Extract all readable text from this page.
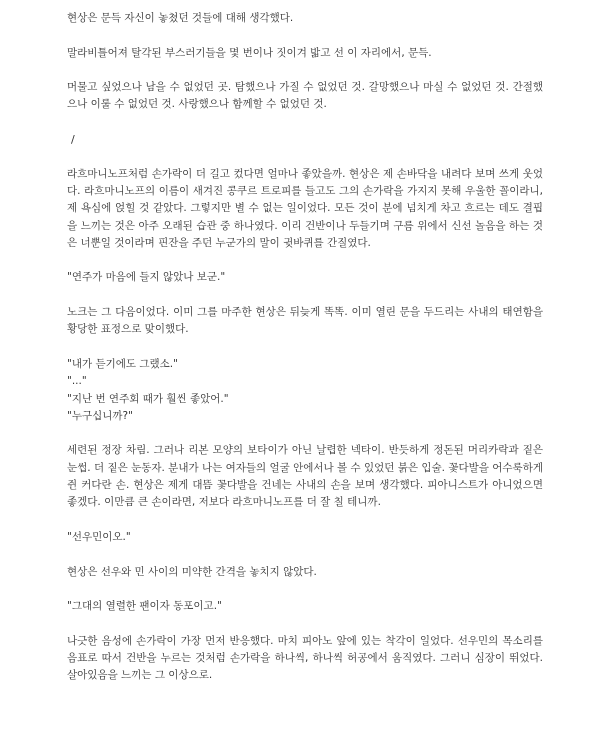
현상은 문득 자신이 놓쳤던 것들에 대해 생각했다.

말라비틀어져 탈각된 부스러기들을 몇 번이나 짓이겨 밟고 선 이 자리에서, 문득.

머물고 싶었으나 남을 수 없었던 곳. 탐했으나 가질 수 없었던 것. 갈망했으나 마실 수 없었던 것. 간절했으나 이룰 수 없었던 것. 사랑했으나 함께할 수 없었던 것.

/

라흐마니노프처럼 손가락이 더 길고 컸다면 얼마나 좋았을까. 현상은 제 손바닥을 내려다 보며 쓰게 웃었다. 라흐마니노프의 이름이 새겨진 콩쿠르 트로피를 들고도 그의 손가락을 가지지 못해 우울한 꼴이라니, 제 욕심에 얹힐 것 같았다. 그렇지만 별 수 없는 일이었다. 모든 것이 분에 넘치게 차고 흐르는 데도 결핍을 느끼는 것은 아주 오래된 습관 중 하나였다. 이리 건반이나 두들기며 구름 위에서 신선 놀음을 하는 것은 너뿐일 것이라며 핀잔을 주던 누군가의 말이 귓바퀴를 간질였다.

"연주가 마음에 들지 않았나 보군."

노크는 그 다음이었다. 이미 그를 마주한 현상은 뒤늦게 똑똑. 이미 열린 문을 두드리는 사내의 태연함을 황당한 표정으로 맞이했다.

"내가 듣기에도 그랬소."

"..."

"지난 번 연주회 때가 훨씬 좋았어."

"누구십니까?"

세련된 정장 차림. 그러나 리본 모양의 보타이가 아닌 날렵한 넥타이. 반듯하게 정돈된 머리카락과 짙은 눈썹. 더 짙은 눈동자. 분내가 나는 여자들의 얼굴 안에서나 볼 수 있었던 붉은 입술. 꽃다발을 어수룩하게 쥔 커다란 손. 현상은 제게 대뜸 꽃다발을 건네는 사내의 손을 보며 생각했다. 피아니스트가 아니었으면 좋겠다. 이만큼 큰 손이라면, 저보다 라흐마니노프를 더 잘 칠 테니까.

"선우민이오."

현상은 선우와 민 사이의 미약한 간격을 놓치지 않았다.

"그대의 열렬한 팬이자 동포이고."

나긋한 음성에 손가락이 가장 먼저 반응했다. 마치 피아노 앞에 있는 착각이 일었다. 선우민의 목소리를 음표로 따서 건반을 누르는 것처럼 손가락을 하나씩, 하나씩 허공에서 움직였다. 그러니 심장이 뛰었다. 살아있음을 느끼는 그 이상으로.
